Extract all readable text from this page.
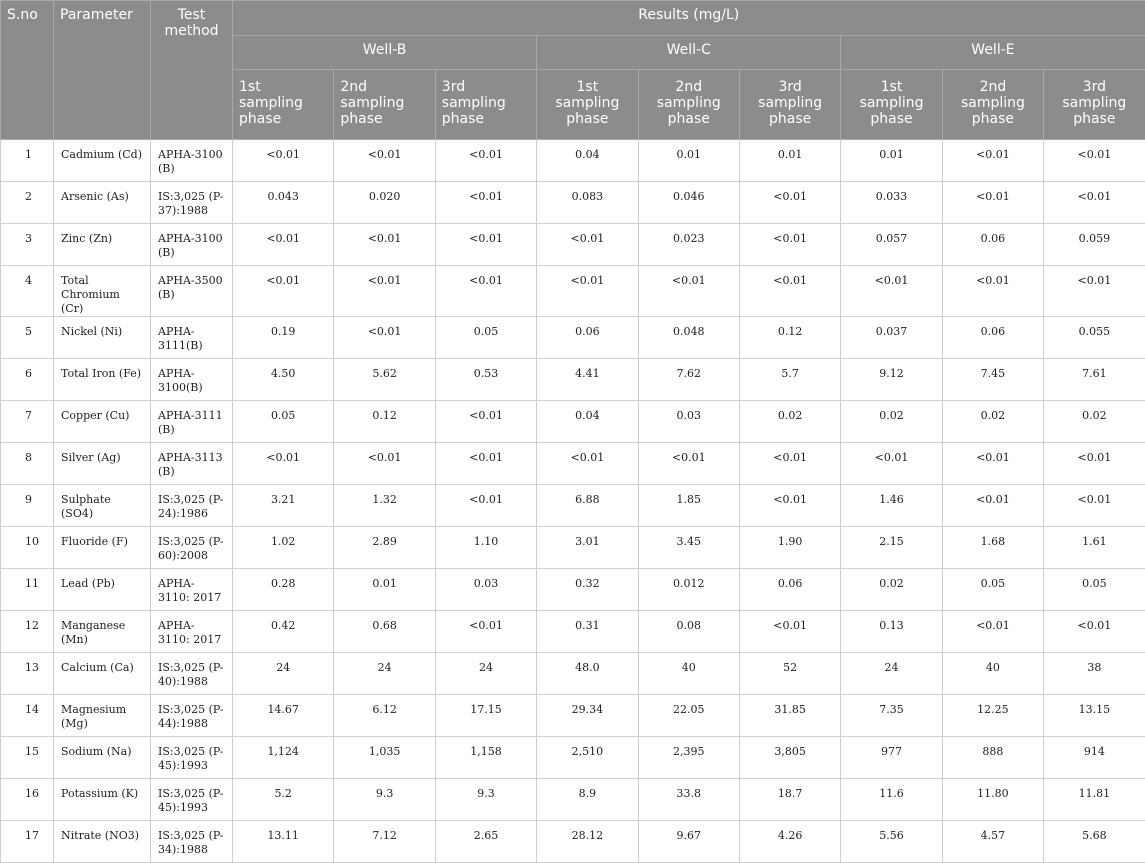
S.no	Parameter	Test method	Results (mg/L)								
			Well-B			Well-C			Well-E		
			1st sampling phase	2nd sampling phase	3rd sampling phase	1st sampling phase	2nd sampling phase	3rd sampling phase	1st sampling phase	2nd sampling phase	3rd sampling phase
1	Cadmium (Cd)	APHA-3100 (B)	<0.01	<0.01	<0.01	0.04	0.01	0.01	0.01	<0.01	<0.01
2	Arsenic (As)	IS:3,025 (P-37):1988	0.043	0.020	<0.01	0.083	0.046	<0.01	0.033	<0.01	<0.01
3	Zinc (Zn)	APHA-3100 (B)	<0.01	<0.01	<0.01	<0.01	0.023	<0.01	0.057	0.06	0.059
4	Total Chromium (Cr)	APHA-3500 (B)	<0.01	<0.01	<0.01	<0.01	<0.01	<0.01	<0.01	<0.01	<0.01
5	Nickel (Ni)	APHA-3111(B)	0.19	<0.01	0.05	0.06	0.048	0.12	0.037	0.06	0.055
6	Total Iron (Fe)	APHA-3100(B)	4.50	5.62	0.53	4.41	7.62	5.7	9.12	7.45	7.61
7	Copper (Cu)	APHA-3111 (B)	0.05	0.12	<0.01	0.04	0.03	0.02	0.02	0.02	0.02
8	Silver (Ag)	APHA-3113 (B)	<0.01	<0.01	<0.01	<0.01	<0.01	<0.01	<0.01	<0.01	<0.01
9	Sulphate (SO4)	IS:3,025 (P-24):1986	3.21	1.32	<0.01	6.88	1.85	<0.01	1.46	<0.01	<0.01
10	Fluoride (F)	IS:3,025 (P-60):2008	1.02	2.89	1.10	3.01	3.45	1.90	2.15	1.68	1.61
11	Lead (Pb)	APHA-3110: 2017	0.28	0.01	0.03	0.32	0.012	0.06	0.02	0.05	0.05
12	Manganese (Mn)	APHA-3110: 2017	0.42	0.68	<0.01	0.31	0.08	<0.01	0.13	<0.01	<0.01
13	Calcium (Ca)	IS:3,025 (P-40):1988	24	24	24	48.0	40	52	24	40	38
14	Magnesium (Mg)	IS:3,025 (P-44):1988	14.67	6.12	17.15	29.34	22.05	31.85	7.35	12.25	13.15
15	Sodium (Na)	IS:3,025 (P-45):1993	1,124	1,035	1,158	2,510	2,395	3,805	977	888	914
16	Potassium (K)	IS:3,025 (P-45):1993	5.2	9.3	9.3	8.9	33.8	18.7	11.6	11.80	11.81
17	Nitrate (NO3)	IS:3,025 (P-34):1988	13.11	7.12	2.65	28.12	9.67	4.26	5.56	4.57	5.68
